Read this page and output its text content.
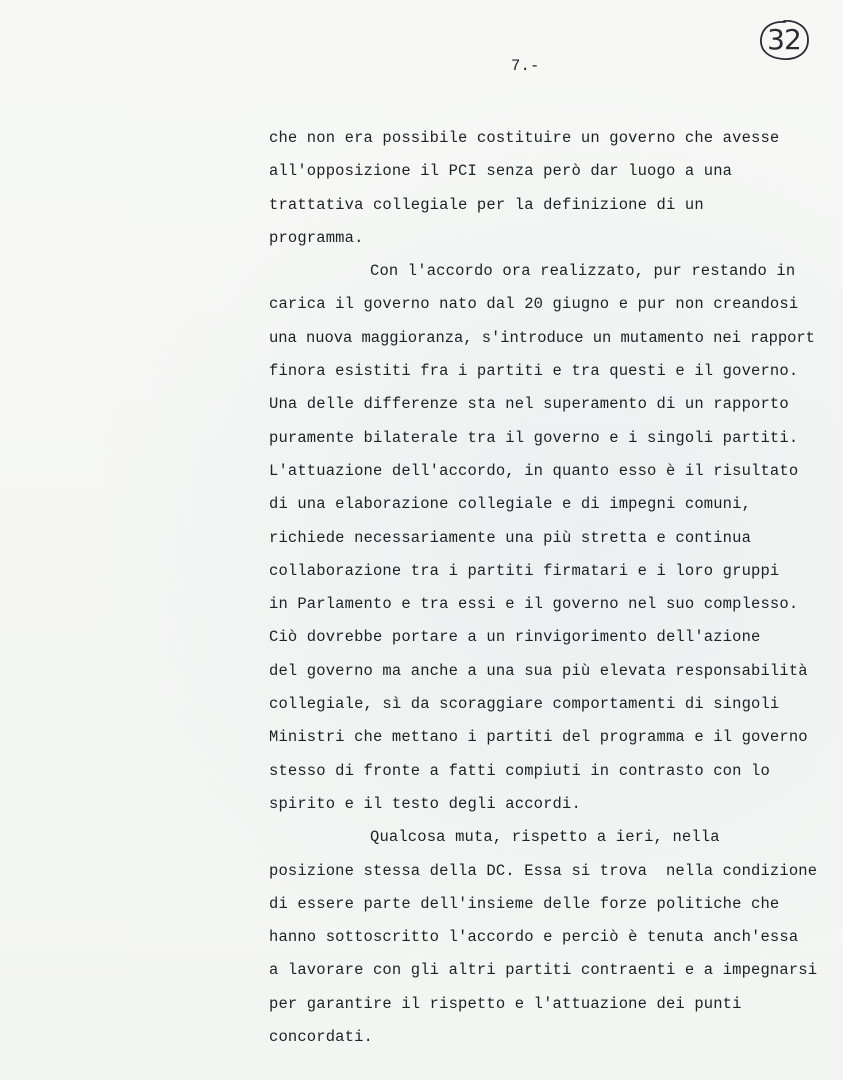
32
7.-
che non era possibile costituire un governo che avesse
all'opposizione il PCI senza però dar luogo a una
trattativa collegiale per la definizione di un
programma.
Con l'accordo ora realizzato, pur restando in
carica il governo nato dal 20 giugno e pur non creandosi
una nuova maggioranza, s'introduce un mutamento nei rapport
finora esistiti fra i partiti e tra questi e il governo.
Una delle differenze sta nel superamento di un rapporto
puramente bilaterale tra il governo e i singoli partiti.
L'attuazione dell'accordo, in quanto esso è il risultato
di una elaborazione collegiale e di impegni comuni,
richiede necessariamente una più stretta e continua
collaborazione tra i partiti firmatari e i loro gruppi
in Parlamento e tra essi e il governo nel suo complesso.
Ciò dovrebbe portare a un rinvigorimento dell'azione
del governo ma anche a una sua più elevata responsabilità
collegiale, sì da scoraggiare comportamenti di singoli
Ministri che mettano i partiti del programma e il governo
stesso di fronte a fatti compiuti in contrasto con lo
spirito e il testo degli accordi.
Qualcosa muta, rispetto a ieri, nella
posizione stessa della DC. Essa si trova  nella condizione
di essere parte dell'insieme delle forze politiche che
hanno sottoscritto l'accordo e perciò è tenuta anch'essa
a lavorare con gli altri partiti contraenti e a impegnarsi
per garantire il rispetto e l'attuazione dei punti
concordati.
